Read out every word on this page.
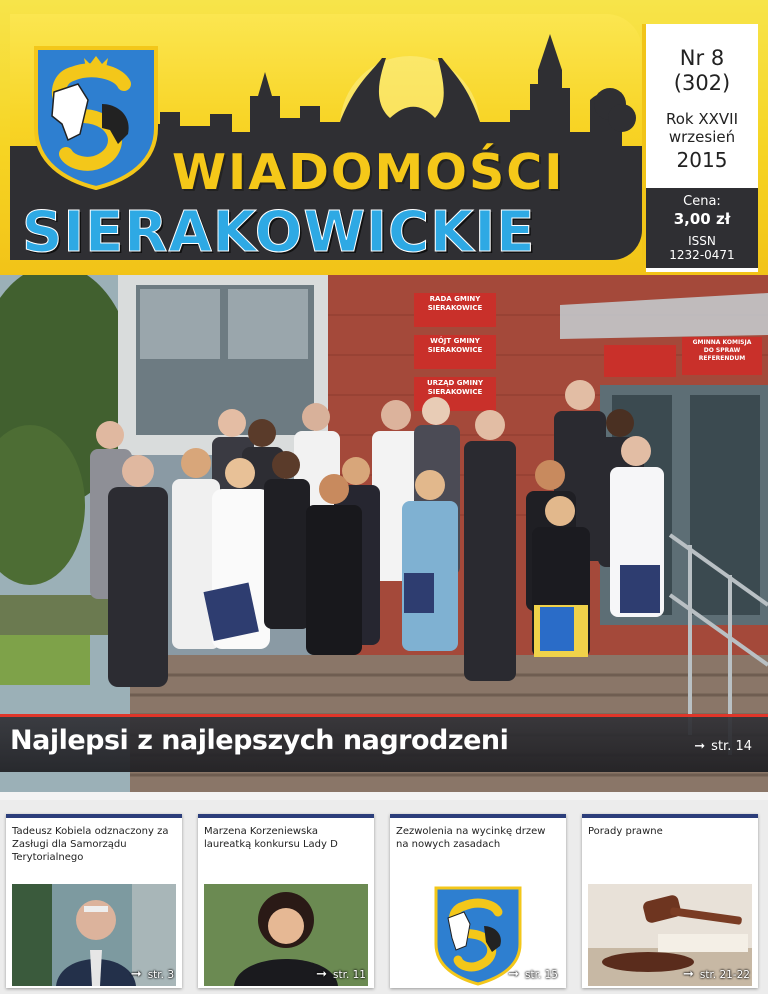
WIADOMOŚCI
SIERAKOWICKIE
Nr 8
(302)
Rok XXVII
wrzesień
2015
Cena:
3,00 zł
ISSN
1232-0471
RADA GMINY
SIERAKOWICE
WÓJT GMINY
SIERAKOWICE
URZĄD GMINY
SIERAKOWICE
GMINNA KOMISJA
DO SPRAW
REFERENDUM
Najlepsi z najlepszych nagrodzeni	➞ str. 14
Tadeusz Kobiela odznaczony za Zasługi dla Samorządu Terytorialnego
➞ str. 3
Marzena Korzeniewska laureatką konkursu Lady D
➞ str. 11
Zezwolenia na wycinkę drzew na nowych zasadach
➞ str. 15
Porady prawne
➞ str. 21-22
